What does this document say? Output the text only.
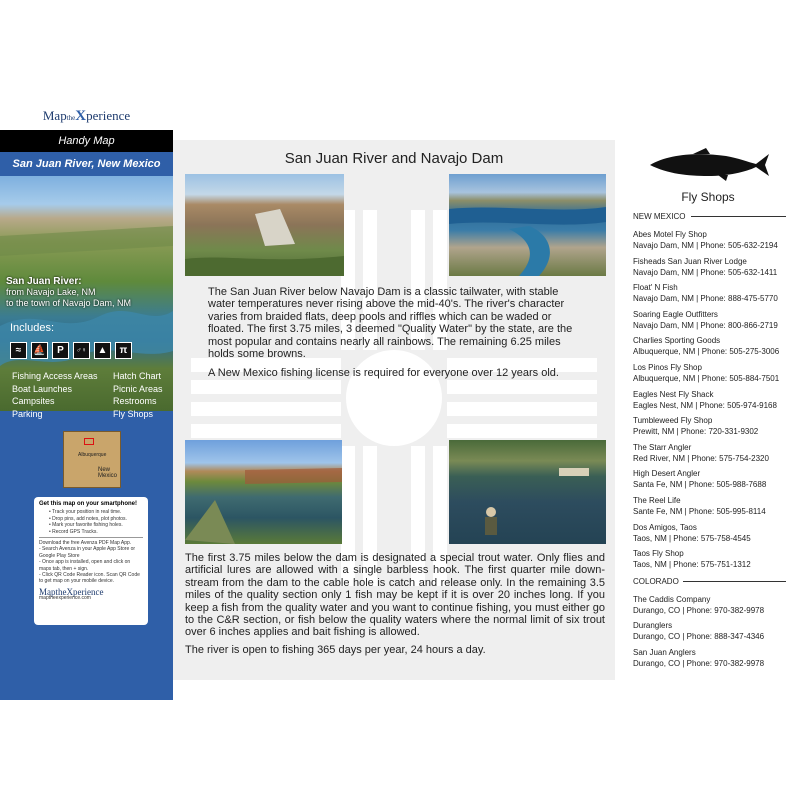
MaptheXperience
Handy Map
San Juan River, New Mexico
San Juan River:
from Navajo Lake, NM
to the town of Navajo Dam, NM
Includes:
≈	⛵	P	♂♀	▲	π
Fishing Access Areas
Boat Launches
Campsites
Parking
Hatch Chart
Picnic Areas
Restrooms
Fly Shops
Albuquerque
New Mexico
Get this map on your smartphone!
• Track your position in real time.
• Drop pins, add notes, plot photos.
• Mark your favorite fishing holes.
• Record GPS Tracks.
Download the free Avenza PDF Map App.
- Search Avenza in your Apple App Store or Google Play Store
- Once app is installed, open and click on maps tab, then + sign.
- Click QR Code Reader icon. Scan QR Code to get map on your mobile device.
MaptheXperience
maptheexperience.com
San Juan River and Navajo Dam
The San Juan River below Navajo Dam is a classic tailwater, with stable water temperatures never rising above the mid-40's. The river's character varies from braided flats, deep pools and riffles which can be waded or floated. The first 3.75 miles, 3 deemed "Quality Water" by the state, are the most popular and contains nearly all rainbows. The remaining 6.25 miles holds some browns.
A New Mexico fishing license is required for everyone over 12 years old.
The first 3.75 miles below the dam is designated a special trout water. Only flies and artificial lures are allowed with a single barbless hook. The first quarter mile down-stream from the dam to the cable hole is catch and release only. In the remaining 3.5 miles of the quality section only 1 fish may be kept if it is over 20 inches long. If you keep a fish from the quality water and you want to continue fishing, you must either go to the C&R section, or fish below the quality waters where the normal limit of six trout over 6 inches applies and bait fishing is allowed.
The river is open to fishing 365 days per year, 24 hours a day.
Fly Shops
NEW MEXICO
Abes Motel Fly Shop
Navajo Dam, NM | Phone: 505-632-2194
Fisheads San Juan River Lodge
Navajo Dam, NM | Phone: 505-632-1411
Float' N Fish
Navajo Dam, NM | Phone: 888-475-5770
Soaring Eagle Outfitters
Navajo Dam, NM | Phone: 800-866-2719
Charlies Sporting Goods
Albuquerque, NM | Phone: 505-275-3006
Los Pinos Fly Shop
Albuquerque, NM | Phone: 505-884-7501
Eagles Nest Fly Shack
Eagles Nest, NM | Phone: 505-974-9168
Tumbleweed Fly Shop
Prewitt, NM | Phone: 720-331-9302
The Starr Angler
Red River, NM | Phone: 575-754-2320
High Desert Angler
Santa Fe, NM | Phone: 505-988-7688
The Reel Life
Sante Fe, NM | Phone: 505-995-8114
Dos Amigos, Taos
Taos, NM | Phone: 575-758-4545
Taos Fly Shop
Taos, NM | Phone: 575-751-1312
COLORADO
The Caddis Company
Durango, CO | Phone: 970-382-9978
Duranglers
Durango, CO | Phone: 888-347-4346
San Juan Anglers
Durango, CO | Phone: 970-382-9978
